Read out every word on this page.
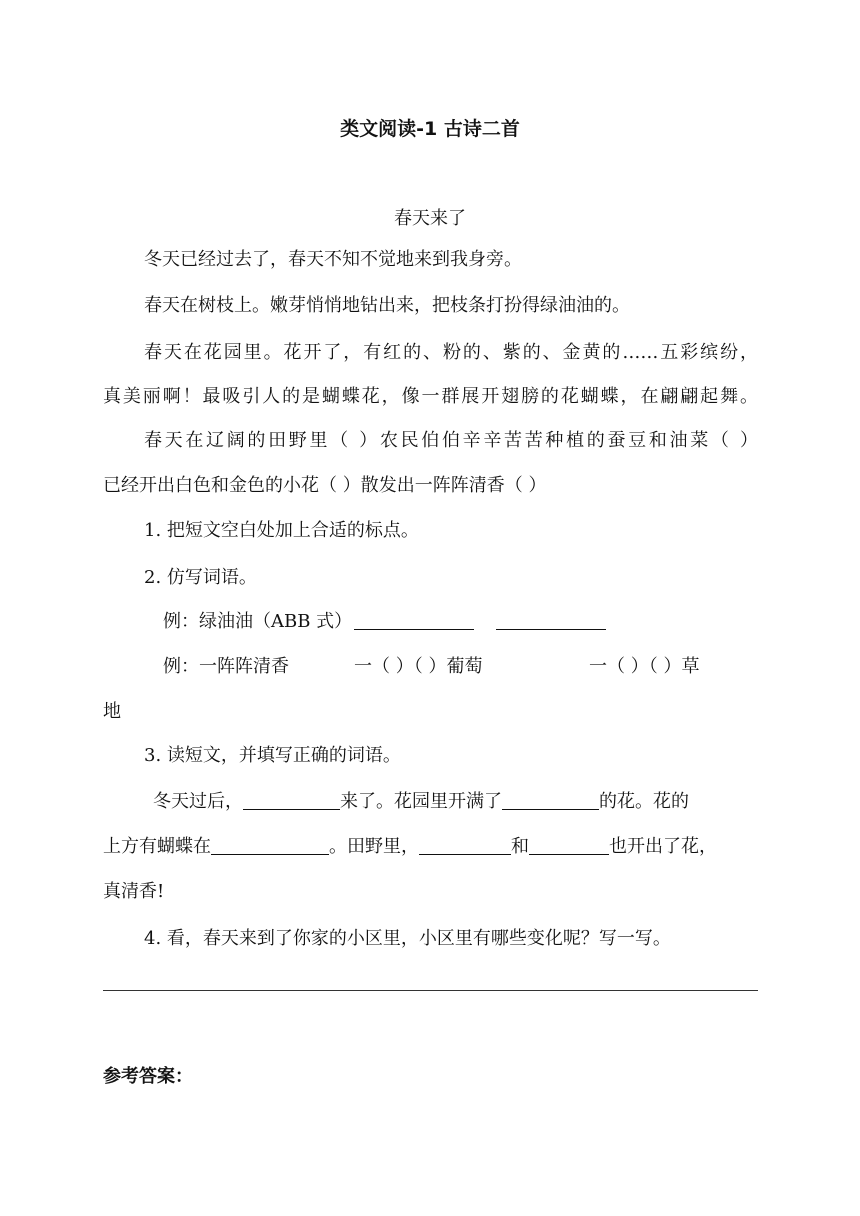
类文阅读-1 古诗二首
春天来了
冬天已经过去了，春天不知不觉地来到我身旁。
春天在树枝上。嫩芽悄悄地钻出来，把枝条打扮得绿油油的。
春天在花园里。花开了，有红的、粉的、紫的、金黄的……五彩缤纷，
真美丽啊！最吸引人的是蝴蝶花，像一群展开翅膀的花蝴蝶，在翩翩起舞。
春天在辽阔的田野里（ ）农民伯伯辛辛苦苦种植的蚕豆和油菜（ ）
已经开出白色和金色的小花（ ）散发出一阵阵清香（ ）
1. 把短文空白处加上合适的标点。
2. 仿写词语。
例：绿油油（ABB 式）
例：一阵阵清香	一（ ）（ ）葡萄	一（ ）（ ）草
地
3. 读短文，并填写正确的词语。
冬天过后，	来了。花园里开满了	的花。花的
上方有蝴蝶在	。田野里，	和	也开出了花，
真清香!
4. 看，春天来到了你家的小区里，小区里有哪些变化呢？写一写。
参考答案：
